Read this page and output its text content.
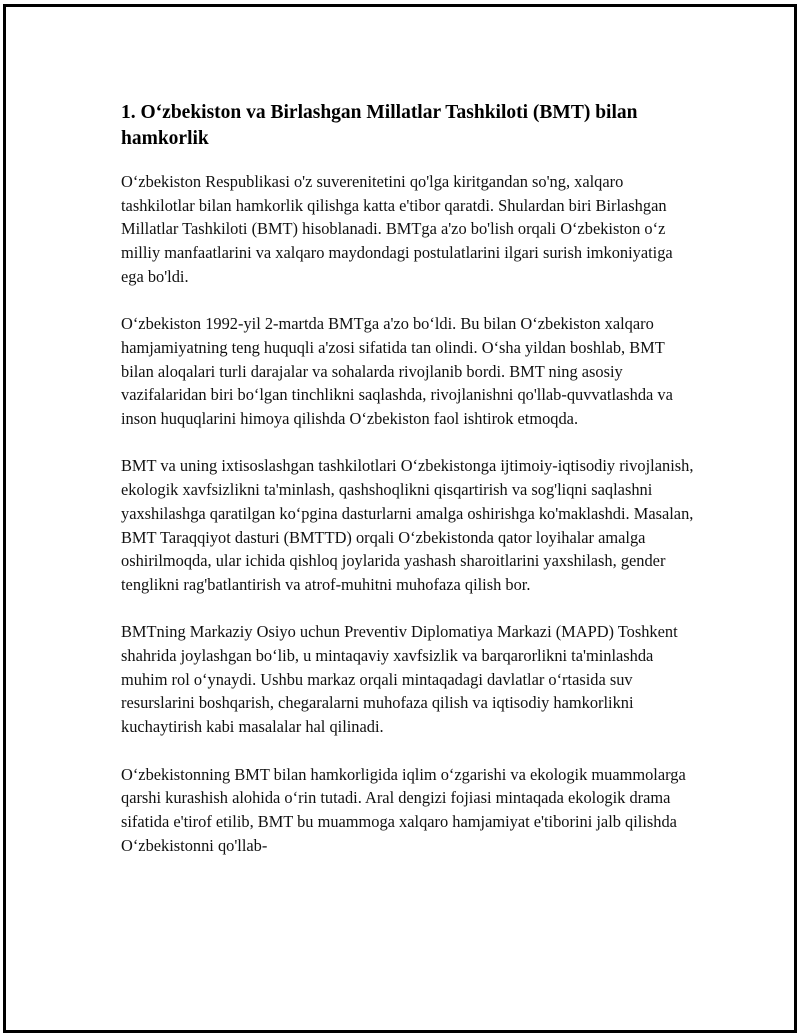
1. O‘zbekiston va Birlashgan Millatlar Tashkiloti (BMT) bilan hamkorlik

O‘zbekiston Respublikasi o'z suverenitetini qo'lga kiritgandan so'ng, xalqaro tashkilotlar bilan hamkorlik qilishga katta e'tibor qaratdi. Shulardan biri Birlashgan Millatlar Tashkiloti (BMT) hisoblanadi. BMTga a'zo bo'lish orqali O‘zbekiston o‘z milliy manfaatlarini va xalqaro maydondagi postulatlarini ilgari surish imkoniyatiga ega bo'ldi.

O‘zbekiston 1992-yil 2-martda BMTga a'zo bo‘ldi. Bu bilan O‘zbekiston xalqaro hamjamiyatning teng huquqli a'zosi sifatida tan olindi. O‘sha yildan boshlab, BMT bilan aloqalari turli darajalar va sohalarda rivojlanib bordi. BMT ning asosiy vazifalaridan biri bo‘lgan tinchlikni saqlashda, rivojlanishni qo'llab-quvvatlashda va inson huquqlarini himoya qilishda O‘zbekiston faol ishtirok etmoqda.

BMT va uning ixtisoslashgan tashkilotlari O‘zbekistonga ijtimoiy-iqtisodiy rivojlanish, ekologik xavfsizlikni ta'minlash, qashshoqlikni qisqartirish va sog'liqni saqlashni yaxshilashga qaratilgan ko‘pgina dasturlarni amalga oshirishga ko'maklashdi. Masalan, BMT Taraqqiyot dasturi (BMTTD) orqali O‘zbekistonda qator loyihalar amalga oshirilmoqda, ular ichida qishloq joylarida yashash sharoitlarini yaxshilash, gender tenglikni rag'batlantirish va atrof-muhitni muhofaza qilish bor.

BMTning Markaziy Osiyo uchun Preventiv Diplomatiya Markazi (MAPD) Toshkent shahrida joylashgan bo‘lib, u mintaqaviy xavfsizlik va barqarorlikni ta'minlashda muhim rol o‘ynaydi. Ushbu markaz orqali mintaqadagi davlatlar o‘rtasida suv resurslarini boshqarish, chegaralarni muhofaza qilish va iqtisodiy hamkorlikni kuchaytirish kabi masalalar hal qilinadi.

O‘zbekistonning BMT bilan hamkorligida iqlim o‘zgarishi va ekologik muammolarga qarshi kurashish alohida o‘rin tutadi. Aral dengizi fojiasi mintaqada ekologik drama sifatida e'tirof etilib, BMT bu muammoga xalqaro hamjamiyat e'tiborini jalb qilishda O‘zbekistonni qo'llab-
